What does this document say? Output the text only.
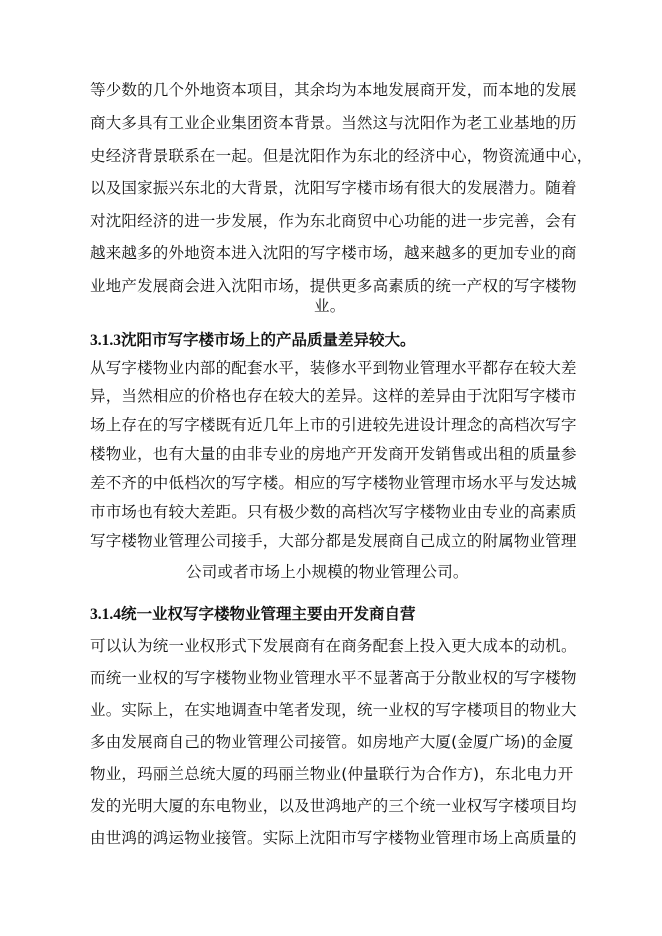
等少数的几个外地资本项目，其余均为本地发展商开发，而本地的发展
商大多具有工业企业集团资本背景。当然这与沈阳作为老工业基地的历
史经济背景联系在一起。但是沈阳作为东北的经济中心，物资流通中心，
以及国家振兴东北的大背景，沈阳写字楼市场有很大的发展潜力。随着
对沈阳经济的进一步发展，作为东北商贸中心功能的进一步完善，会有
越来越多的外地资本进入沈阳的写字楼市场，越来越多的更加专业的商
业地产发展商会进入沈阳市场，提供更多高素质的统一产权的写字楼物
业。
3.1.3沈阳市写字楼市场上的产品质量差异较大。
从写字楼物业内部的配套水平，装修水平到物业管理水平都存在较大差
异，当然相应的价格也存在较大的差异。这样的差异由于沈阳写字楼市
场上存在的写字楼既有近几年上市的引进较先进设计理念的高档次写字
楼物业，也有大量的由非专业的房地产开发商开发销售或出租的质量参
差不齐的中低档次的写字楼。相应的写字楼物业管理市场水平与发达城
市市场也有较大差距。只有极少数的高档次写字楼物业由专业的高素质
写字楼物业管理公司接手，大部分都是发展商自己成立的附属物业管理
公司或者市场上小规模的物业管理公司。
3.1.4统一业权写字楼物业管理主要由开发商自营
可以认为统一业权形式下发展商有在商务配套上投入更大成本的动机。
而统一业权的写字楼物业物业管理水平不显著高于分散业权的写字楼物
业。实际上，在实地调查中笔者发现，统一业权的写字楼项目的物业大
多由发展商自己的物业管理公司接管。如房地产大厦(金厦广场)的金厦
物业，玛丽兰总统大厦的玛丽兰物业(仲量联行为合作方)，东北电力开
发的光明大厦的东电物业，以及世鸿地产的三个统一业权写字楼项目均
由世鸿的鸿运物业接管。实际上沈阳市写字楼物业管理市场上高质量的
